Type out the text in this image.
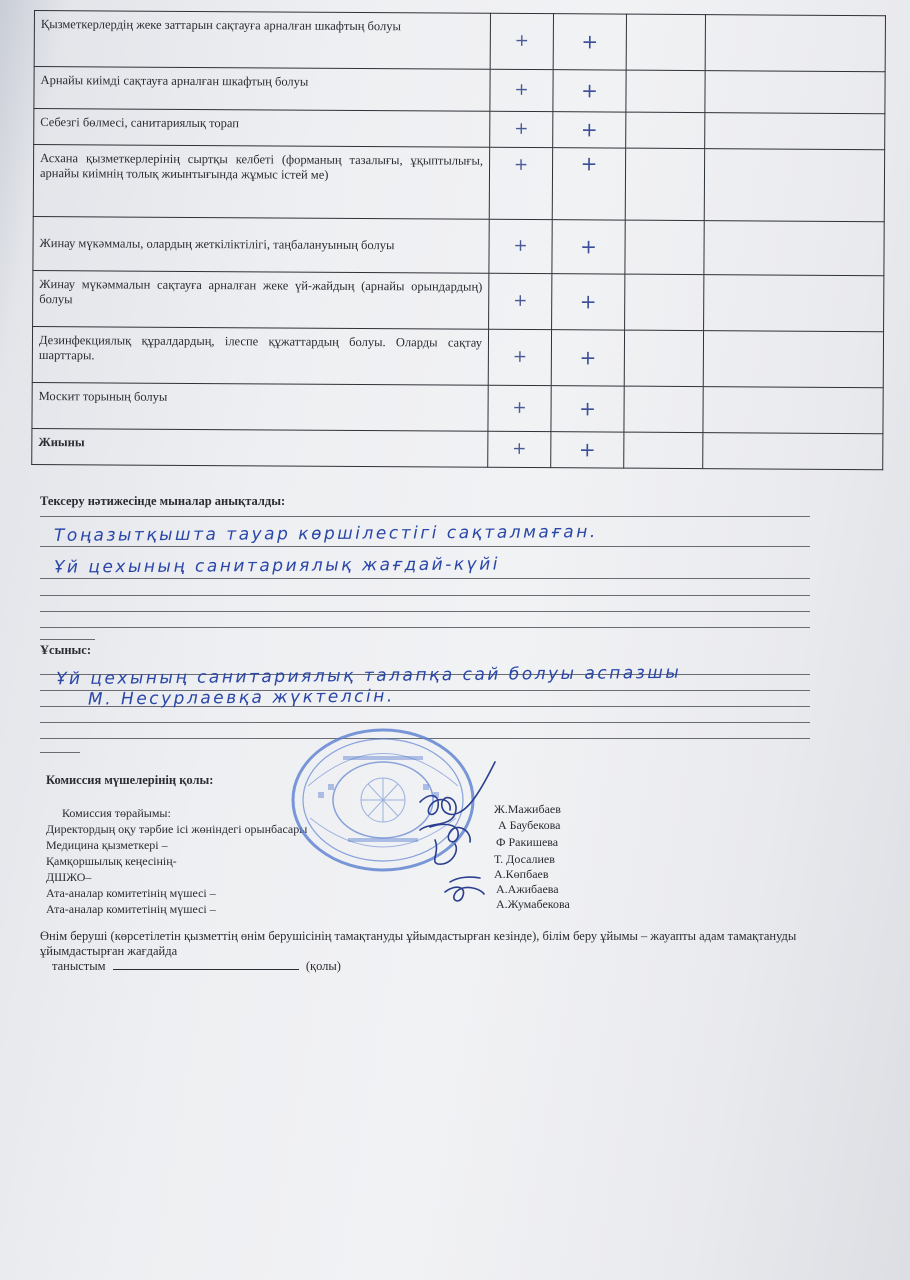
Қызметкерлердің жеке заттарын сақтауға арналған шкафтың болуы	+	+		
Арнайы киімді сақтауға арналған шкафтың болуы	+	+		
Себезгі бөлмесі, санитариялық торап	+	+		
Асхана қызметкерлерінің сыртқы келбеті (форманың тазалығы, ұқыптылығы, арнайы киімнің толық жиынтығында жұмыс істей ме)	+	+		
Жинау мүкәммалы, олардың жеткіліктілігі, таңбалануының болуы	+	+		
Жинау мүкәммалын сақтауға арналған жеке үй-жайдың (арнайы орындардың) болуы	+	+		
Дезинфекциялық құралдардың, ілеспе құжаттардың болуы. Оларды сақтау шарттары.	+	+		
Москит торының болуы	+	+		
Жиыны	+	+		
Тексеру нәтижесінде мыналар анықталды:
Тоңазытқышта тауар көршілестігі сақталмаған.
Ұй цехының санитариялық жағдай-күйі
Ұсыныс:
Ұй цехының санитариялық талапқа сай болуы аспазшы
М. Несурлаевқа жүктелсін.
Комиссия мүшелерінің қолы:
Комиссия төрайымы:
Директордың оқу тәрбие ісі жөніндегі орынбасары
Медицина қызметкері –
Қамқоршылық кеңесінің-
ДШЖО–
Ата-аналар комитетінің мүшесі –
Ата-аналар комитетінің мүшесі –
Ж.Мажибаев
А Баубекова
Ф Ракишева
Т. Досалиев
А.Көпбаев
А.Ажибаева
А.Жумабекова
Өнім беруші (көрсетілетін қызметтің өнім берушісінің тамақтануды ұйымдастырған кезінде), білім беру ұйымы – жауапты адам тамақтануды ұйымдастырған жағдайда
таныстым	(қолы)
